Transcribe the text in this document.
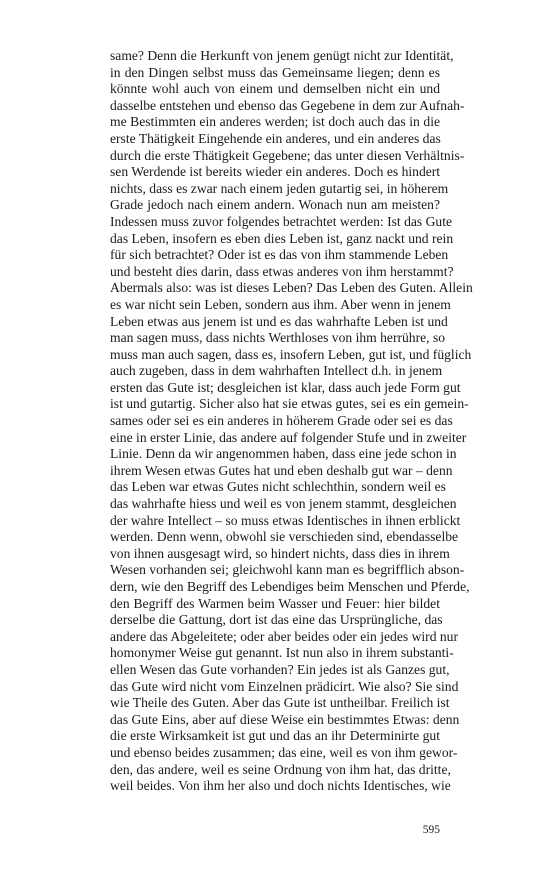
same? Denn die Herkunft von jenem genügt nicht zur Identität,
in den Dingen selbst muss das Gemeinsame liegen; denn es
könnte wohl auch von einem und demselben nicht ein und
dasselbe entstehen und ebenso das Gegebene in dem zur Aufnah-
me Bestimmten ein anderes werden; ist doch auch das in die
erste Thätigkeit Eingehende ein anderes, und ein anderes das
durch die erste Thätigkeit Gegebene; das unter diesen Verhältnis-
sen Werdende ist bereits wieder ein anderes. Doch es hindert
nichts, dass es zwar nach einem jeden gutartig sei, in höherem
Grade jedoch nach einem andern. Wonach nun am meisten?
Indessen muss zuvor folgendes betrachtet werden: Ist das Gute
das Leben, insofern es eben dies Leben ist, ganz nackt und rein
für sich betrachtet? Oder ist es das von ihm stammende Leben
und besteht dies darin, dass etwas anderes von ihm herstammt?
Abermals also: was ist dieses Leben? Das Leben des Guten. Allein
es war nicht sein Leben, sondern aus ihm. Aber wenn in jenem
Leben etwas aus jenem ist und es das wahrhafte Leben ist und
man sagen muss, dass nichts Werthloses von ihm herrühre, so
muss man auch sagen, dass es, insofern Leben, gut ist, und füglich
auch zugeben, dass in dem wahrhaften Intellect d.h. in jenem
ersten das Gute ist; desgleichen ist klar, dass auch jede Form gut
ist und gutartig. Sicher also hat sie etwas gutes, sei es ein gemein-
sames oder sei es ein anderes in höherem Grade oder sei es das
eine in erster Linie, das andere auf folgender Stufe und in zweiter
Linie. Denn da wir angenommen haben, dass eine jede schon in
ihrem Wesen etwas Gutes hat und eben deshalb gut war – denn
das Leben war etwas Gutes nicht schlechthin, sondern weil es
das wahrhafte hiess und weil es von jenem stammt, desgleichen
der wahre Intellect – so muss etwas Identisches in ihnen erblickt
werden. Denn wenn, obwohl sie verschieden sind, ebendasselbe
von ihnen ausgesagt wird, so hindert nichts, dass dies in ihrem
Wesen vorhanden sei; gleichwohl kann man es begrifflich abson-
dern, wie den Begriff des Lebendiges beim Menschen und Pferde,
den Begriff des Warmen beim Wasser und Feuer: hier bildet
derselbe die Gattung, dort ist das eine das Ursprüngliche, das
andere das Abgeleitete; oder aber beides oder ein jedes wird nur
homonymer Weise gut genannt. Ist nun also in ihrem substanti-
ellen Wesen das Gute vorhanden? Ein jedes ist als Ganzes gut,
das Gute wird nicht vom Einzelnen prädicirt. Wie also? Sie sind
wie Theile des Guten. Aber das Gute ist untheilbar. Freilich ist
das Gute Eins, aber auf diese Weise ein bestimmtes Etwas: denn
die erste Wirksamkeit ist gut und das an ihr Determinirte gut
und ebenso beides zusammen; das eine, weil es von ihm gewor-
den, das andere, weil es seine Ordnung von ihm hat, das dritte,
weil beides. Von ihm her also und doch nichts Identisches, wie
595
